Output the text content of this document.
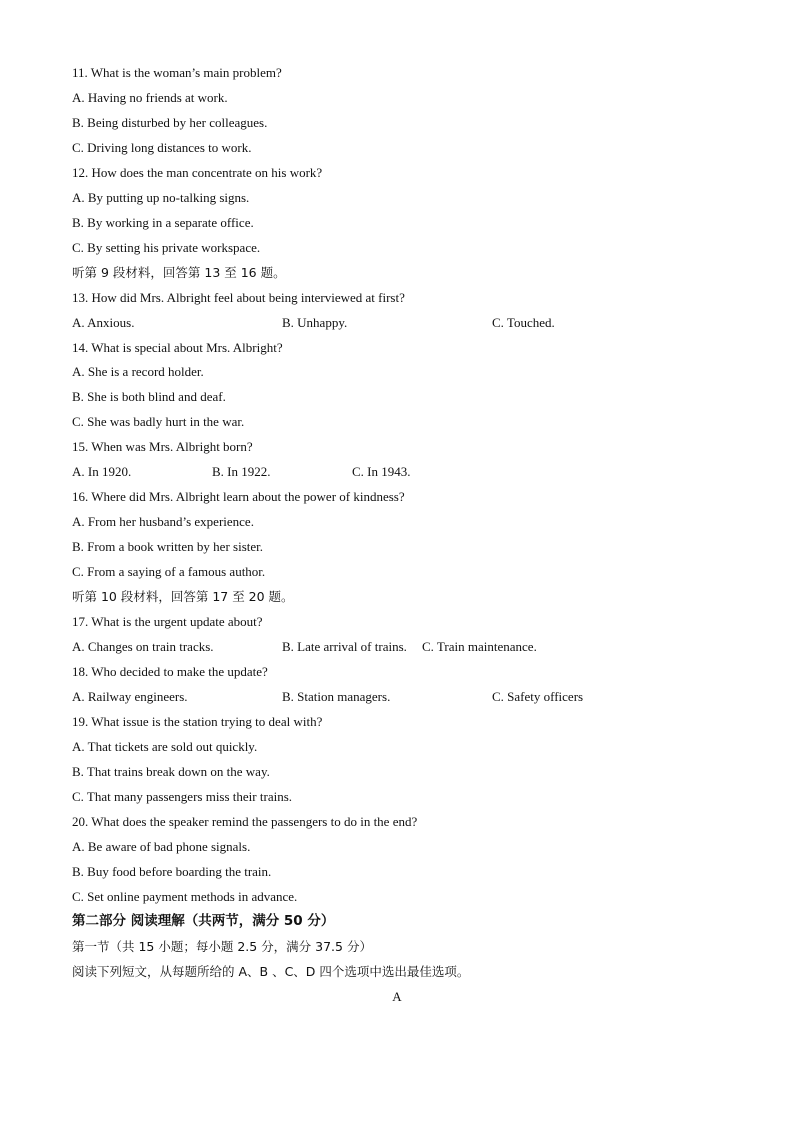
11. What is the woman’s main problem?
A. Having no friends at work.
B. Being disturbed by her colleagues.
C. Driving long distances to work.
12. How does the man concentrate on his work?
A. By putting up no-talking signs.
B. By working in a separate office.
C. By setting his private workspace.
听第 9 段材料，回答第 13 至 16 题。
13. How did Mrs. Albright feel about being interviewed at first?
A. Anxious.	B. Unhappy.	C. Touched.
14. What is special about Mrs. Albright?
A. She is a record holder.
B. She is both blind and deaf.
C. She was badly hurt in the war.
15. When was Mrs. Albright born?
A. In 1920.	B. In 1922.	C. In 1943.
16. Where did Mrs. Albright learn about the power of kindness?
A. From her husband’s experience.
B. From a book written by her sister.
C. From a saying of a famous author.
听第 10 段材料，回答第 17 至 20 题。
17. What is the urgent update about?
A. Changes on train tracks.	B. Late arrival of trains. C. Train maintenance.
18. Who decided to make the update?
A. Railway engineers.	B. Station managers.	C. Safety officers
19. What issue is the station trying to deal with?
A. That tickets are sold out quickly.
B. That trains break down on the way.
C. That many passengers miss their trains.
20. What does the speaker remind the passengers to do in the end?
A. Be aware of bad phone signals.
B. Buy food before boarding the train.
C. Set online payment methods in advance.
第二部分 阅读理解（共两节，满分 50 分）
第一节（共 15 小题；每小题 2.5 分，满分 37.5 分）
阅读下列短文，从每题所给的 A、B 、C、D 四个选项中选出最佳选项。
A
